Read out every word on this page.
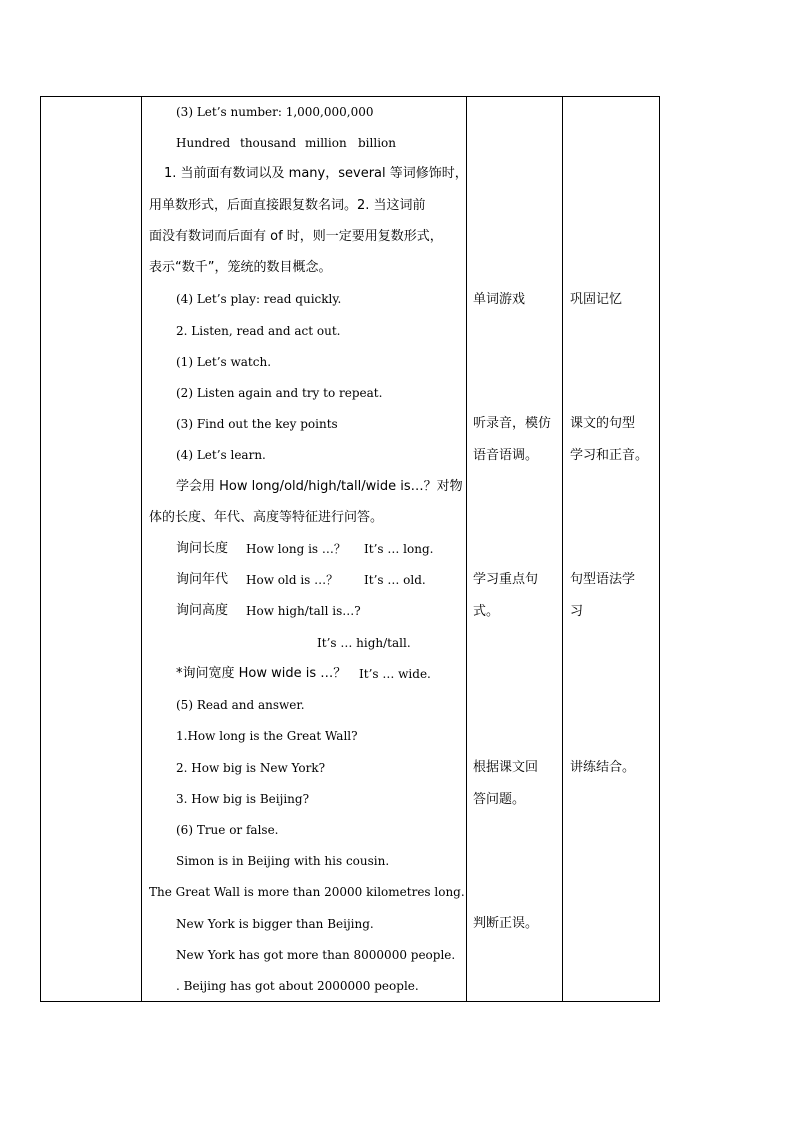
(3) Let’s number: 1,000,000,000
Hundred thousand million billion
1. 当前面有数词以及 many，several 等词修饰时，
用单数形式，后面直接跟复数名词。2. 当这词前
面没有数词而后面有 of 时，则一定要用复数形式，
表示“数千”，笼统的数目概念。
(4) Let’s play: read quickly.
2. Listen, read and act out.
(1) Let’s watch.
(2) Listen again and try to repeat.
(3) Find out the key points
(4) Let’s learn.
学会用 How long/old/high/tall/wide is…？对物
体的长度、年代、高度等特征进行问答。
询问长度 How long is …？ It’s … long.
询问年代 How old is …？ It’s … old.
询问高度 How high/tall is…?
It’s … high/tall.
*询问宽度 How wide is …？ It’s … wide.
(5) Read and answer.
1.How long is the Great Wall?
2. How big is New York?
3. How big is Beijing?
(6) True or false.
Simon is in Beijing with his cousin.
The Great Wall is more than 20000 kilometres long.
New York is bigger than Beijing.
New York has got more than 8000000 people.
. Beijing has got about 2000000 people.
单词游戏
听录音，模仿
语音语调。
学习重点句
式。
根据课文回
答问题。
判断正误。
巩固记忆
课文的句型
学习和正音。
句型语法学
习
讲练结合。
